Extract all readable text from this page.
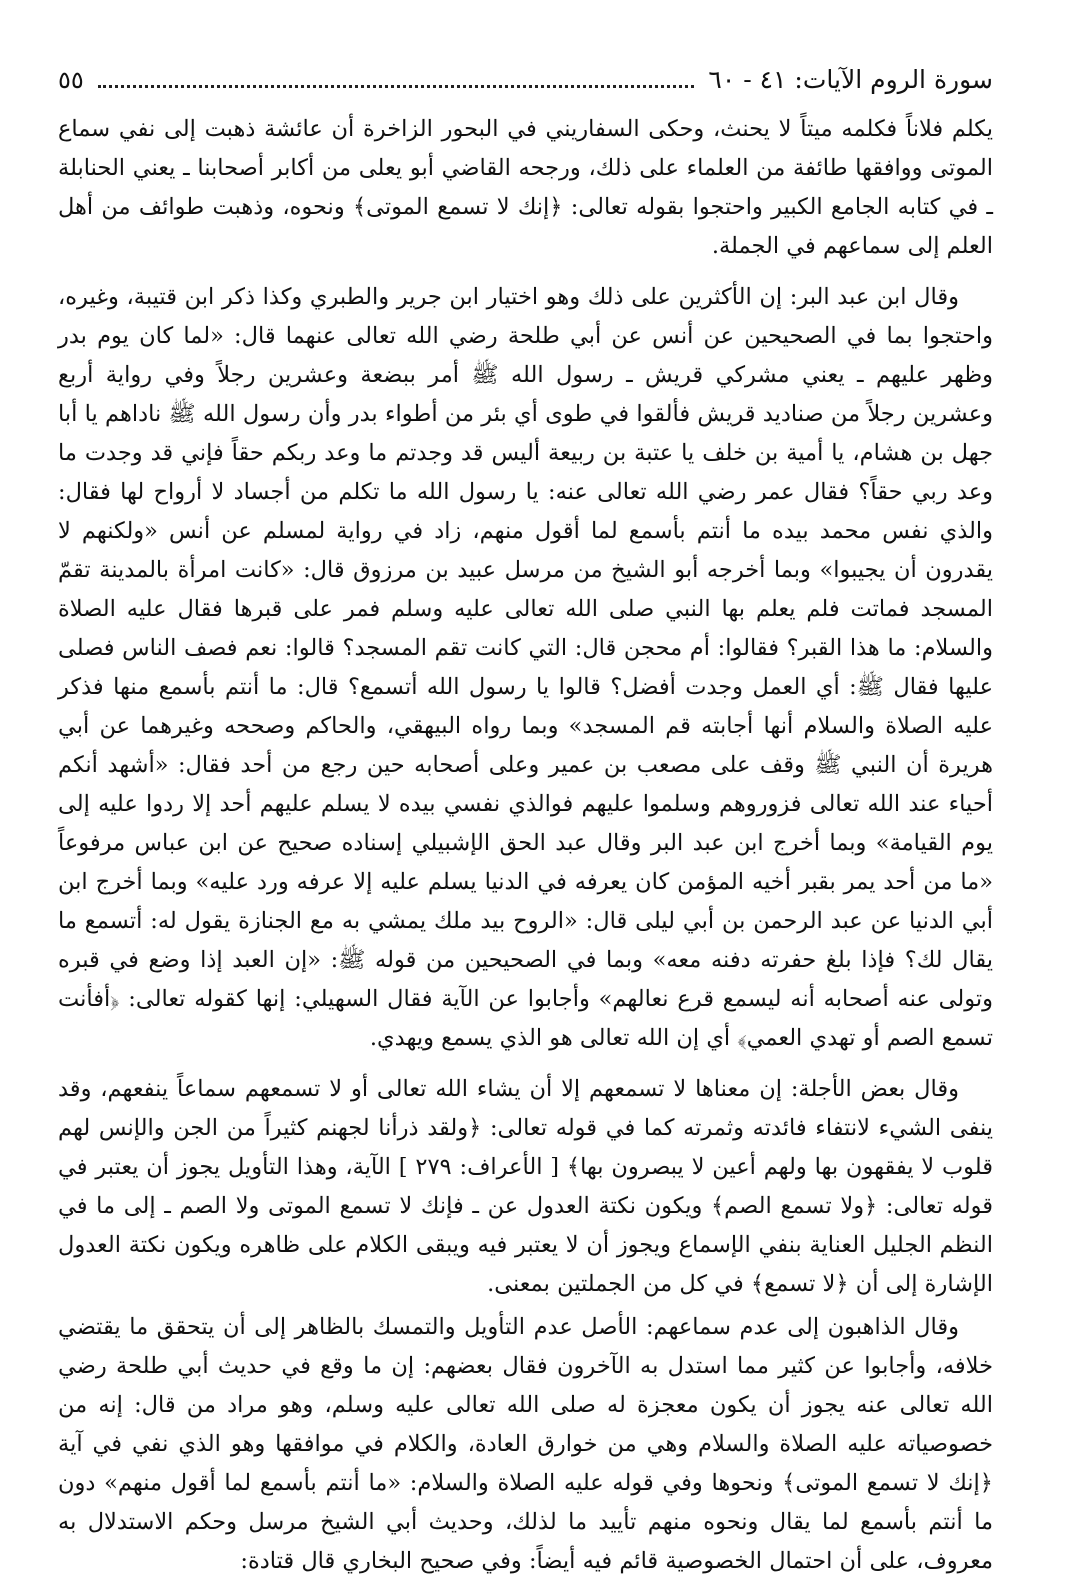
سورة الروم الآيات: ٤١ - ٦٠
٥٥

يكلم فلاناً فكلمه ميتاً لا يحنث، وحكى السفاريني في البحور الزاخرة أن عائشة ذهبت إلى نفي سماع الموتى ووافقها طائفة من العلماء على ذلك، ورجحه القاضي أبو يعلى من أكابر أصحابنا ـ يعني الحنابلة ـ في كتابه الجامع الكبير واحتجوا بقوله تعالى: ﴿إنك لا تسمع الموتى﴾ ونحوه، وذهبت طوائف من أهل العلم إلى سماعهم في الجملة.

وقال ابن عبد البر: إن الأكثرين على ذلك وهو اختيار ابن جرير والطبري وكذا ذكر ابن قتيبة، وغيره، واحتجوا بما في الصحيحين عن أنس عن أبي طلحة رضي الله تعالى عنهما قال: «لما كان يوم بدر وظهر عليهم ـ يعني مشركي قريش ـ رسول الله ﷺ أمر ببضعة وعشرين رجلاً وفي رواية أربع وعشرين رجلاً من صناديد قريش فألقوا في طوى أي بئر من أطواء بدر وأن رسول الله ﷺ ناداهم يا أبا جهل بن هشام، يا أمية بن خلف يا عتبة بن ربيعة أليس قد وجدتم ما وعد ربكم حقاً فإني قد وجدت ما وعد ربي حقاً؟ فقال عمر رضي الله تعالى عنه: يا رسول الله ما تكلم من أجساد لا أرواح لها فقال: والذي نفس محمد بيده ما أنتم بأسمع لما أقول منهم، زاد في رواية لمسلم عن أنس «ولكنهم لا يقدرون أن يجيبوا» وبما أخرجه أبو الشيخ من مرسل عبيد بن مرزوق قال: «كانت امرأة بالمدينة تقمّ المسجد فماتت فلم يعلم بها النبي صلى الله تعالى عليه وسلم فمر على قبرها فقال عليه الصلاة والسلام: ما هذا القبر؟ فقالوا: أم محجن قال: التي كانت تقم المسجد؟ قالوا: نعم فصف الناس فصلى عليها فقال ﷺ: أي العمل وجدت أفضل؟ قالوا يا رسول الله أتسمع؟ قال: ما أنتم بأسمع منها فذكر عليه الصلاة والسلام أنها أجابته قم المسجد» وبما رواه البيهقي، والحاكم وصححه وغيرهما عن أبي هريرة أن النبي ﷺ وقف على مصعب بن عمير وعلى أصحابه حين رجع من أحد فقال: «أشهد أنكم أحياء عند الله تعالى فزوروهم وسلموا عليهم فوالذي نفسي بيده لا يسلم عليهم أحد إلا ردوا عليه إلى يوم القيامة» وبما أخرج ابن عبد البر وقال عبد الحق الإشبيلي إسناده صحيح عن ابن عباس مرفوعاً «ما من أحد يمر بقبر أخيه المؤمن كان يعرفه في الدنيا يسلم عليه إلا عرفه ورد عليه» وبما أخرج ابن أبي الدنيا عن عبد الرحمن بن أبي ليلى قال: «الروح بيد ملك يمشي به مع الجنازة يقول له: أتسمع ما يقال لك؟ فإذا بلغ حفرته دفنه معه» وبما في الصحيحين من قوله ﷺ: «إن العبد إذا وضع في قبره وتولى عنه أصحابه أنه ليسمع قرع نعالهم» وأجابوا عن الآية فقال السهيلي: إنها كقوله تعالى: ﴿أفأنت تسمع الصم أو تهدي العمي﴾ أي إن الله تعالى هو الذي يسمع ويهدي.

وقال بعض الأجلة: إن معناها لا تسمعهم إلا أن يشاء الله تعالى أو لا تسمعهم سماعاً ينفعهم، وقد ينفى الشيء لانتفاء فائدته وثمرته كما في قوله تعالى: ﴿ولقد ذرأنا لجهنم كثيراً من الجن والإنس لهم قلوب لا يفقهون بها ولهم أعين لا يبصرون بها﴾ [ الأعراف: ٢٧٩ ] الآية، وهذا التأويل يجوز أن يعتبر في قوله تعالى: ﴿ولا تسمع الصم﴾ ويكون نكتة العدول عن ـ فإنك لا تسمع الموتى ولا الصم ـ إلى ما في النظم الجليل العناية بنفي الإسماع ويجوز أن لا يعتبر فيه ويبقى الكلام على ظاهره ويكون نكتة العدول الإشارة إلى أن ﴿لا تسمع﴾ في كل من الجملتين بمعنى.

وقال الذاهبون إلى عدم سماعهم: الأصل عدم التأويل والتمسك بالظاهر إلى أن يتحقق ما يقتضي خلافه، وأجابوا عن كثير مما استدل به الآخرون فقال بعضهم: إن ما وقع في حديث أبي طلحة رضي الله تعالى عنه يجوز أن يكون معجزة له صلى الله تعالى عليه وسلم، وهو مراد من قال: إنه من خصوصياته عليه الصلاة والسلام وهي من خوارق العادة، والكلام في موافقها وهو الذي نفي في آية ﴿إنك لا تسمع الموتى﴾ ونحوها وفي قوله عليه الصلاة والسلام: «ما أنتم بأسمع لما أقول منهم» دون ما أنتم بأسمع لما يقال ونحوه منهم تأييد ما لذلك، وحديث أبي الشيخ مرسل وحكم الاستدلال به معروف، على أن احتمال الخصوصية قائم فيه أيضاً: وفي صحيح البخاري قال قتادة:
